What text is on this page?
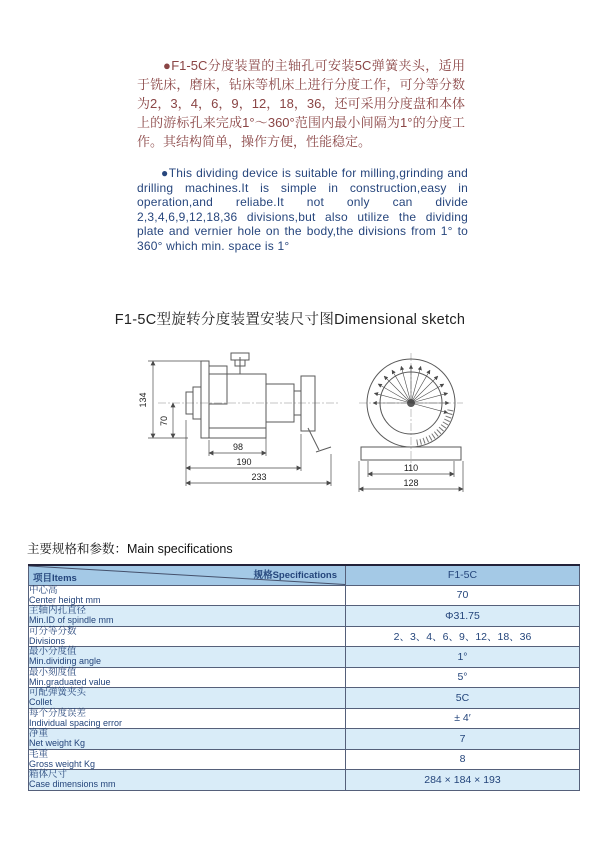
●F1-5C分度装置的主轴孔可安装5C弹簧夹头，适用于铣床，磨床，钻床等机床上进行分度工作，可分等分数为2，3，4，6，9，12，18，36，还可采用分度盘和本体上的游标孔来完成1°～360°范围内最小间隔为1°的分度工作。其结构简单，操作方便，性能稳定。

●This dividing device is suitable for milling,grinding and drilling machines.It is simple in construction,easy in operation,and reliabe.It not only can divide 2,3,4,6,9,12,18,36 divisions,but also utilize the dividing plate and vernier hole on the body,the divisions from 1° to 360° which min. space is 1°

F1-5C型旋转分度装置安装尺寸图Dimensional sketch
134
70
98
190
233
110
128
主要规格和参数：Main specifications
项目Items 规格Specifications	F1-5C

中心高
Center height mm	70

主轴内孔直径
Min.ID of spindle mm	Φ31.75

可分等分数
Divisions	2、3、4、6、9、12、18、36

最小分度值
Min.dividing angle	1°

最小刻度值
Min.graduated value	5°

可配弹簧夹头
Collet	5C

每个分度误差
Individual spacing error	± 4′

净重
Net weight Kg	7

毛重
Gross weight Kg	8

箱体尺寸
Case dimensions mm	284 × 184 × 193
